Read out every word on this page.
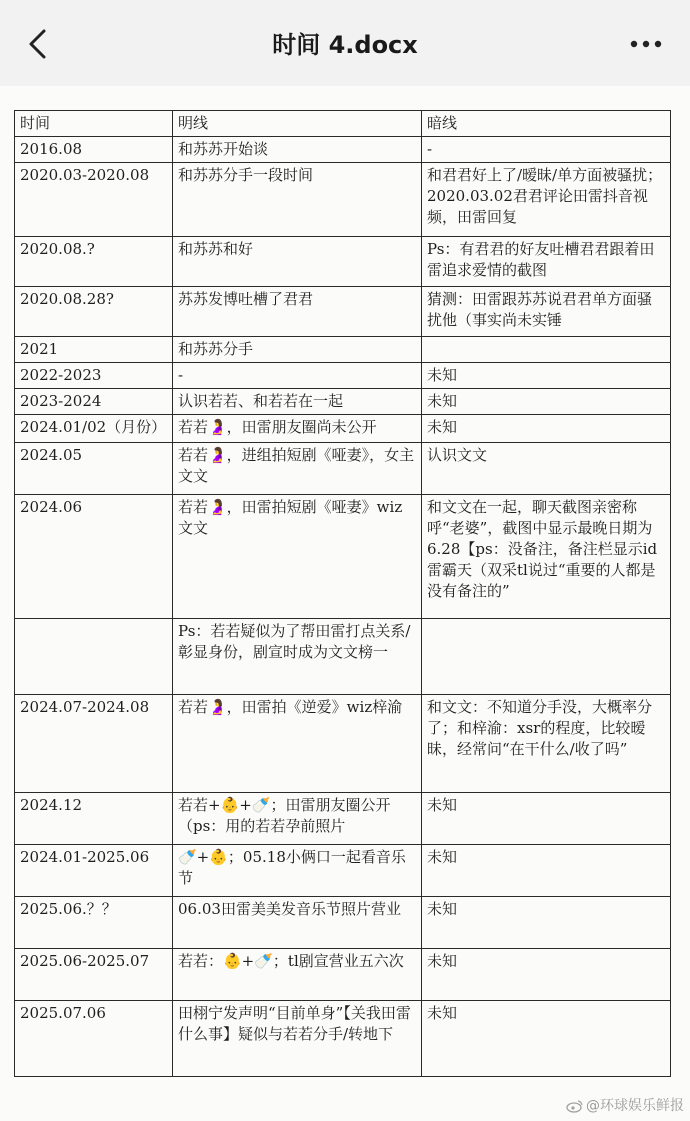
时间 4.docx
时间	明线	暗线
2016.08	和苏苏开始谈	-
2020.03-2020.08	和苏苏分手一段时间	和君君好上了/暧昧/单方面被骚扰；2020.03.02君君评论田雷抖音视频，田雷回复
2020.08.?	和苏苏和好	Ps：有君君的好友吐槽君君跟着田雷追求爱情的截图
2020.08.28?	苏苏发博吐槽了君君	猜测：田雷跟苏苏说君君单方面骚扰他（事实尚未实锤
2021	和苏苏分手	
2022-2023	-	未知
2023-2024	认识若若、和若若在一起	未知
2024.01/02（月份）	若若🤰，田雷朋友圈尚未公开	未知
2024.05	若若🤰，进组拍短剧《哑妻》，女主文文	认识文文
2024.06	若若🤰，田雷拍短剧《哑妻》wiz文文	和文文在一起，聊天截图亲密称呼“老婆”，截图中显示最晚日期为6.28【ps：没备注，备注栏显示id雷霸天（双采tl说过“重要的人都是没有备注的”
	Ps：若若疑似为了帮田雷打点关系/彰显身份，剧宣时成为文文榜一	
2024.07-2024.08	若若🤰，田雷拍《逆爱》wiz梓渝	和文文：不知道分手没，大概率分了；和梓渝：xsr的程度，比较暧昧，经常问“在干什么/收了吗”
2024.12	若若+👶+🍼；田雷朋友圈公开（ps：用的若若孕前照片	未知
2024.01-2025.06	🍼+👶；05.18小俩口一起看音乐节	未知
2025.06.？？	06.03田雷美美发音乐节照片营业	未知
2025.06-2025.07	若若：👶+🍼；tl剧宣营业五六次	未知
2025.07.06	田栩宁发声明“目前单身”【关我田雷什么事】疑似与若若分手/转地下	未知
@环球娱乐鲜报
